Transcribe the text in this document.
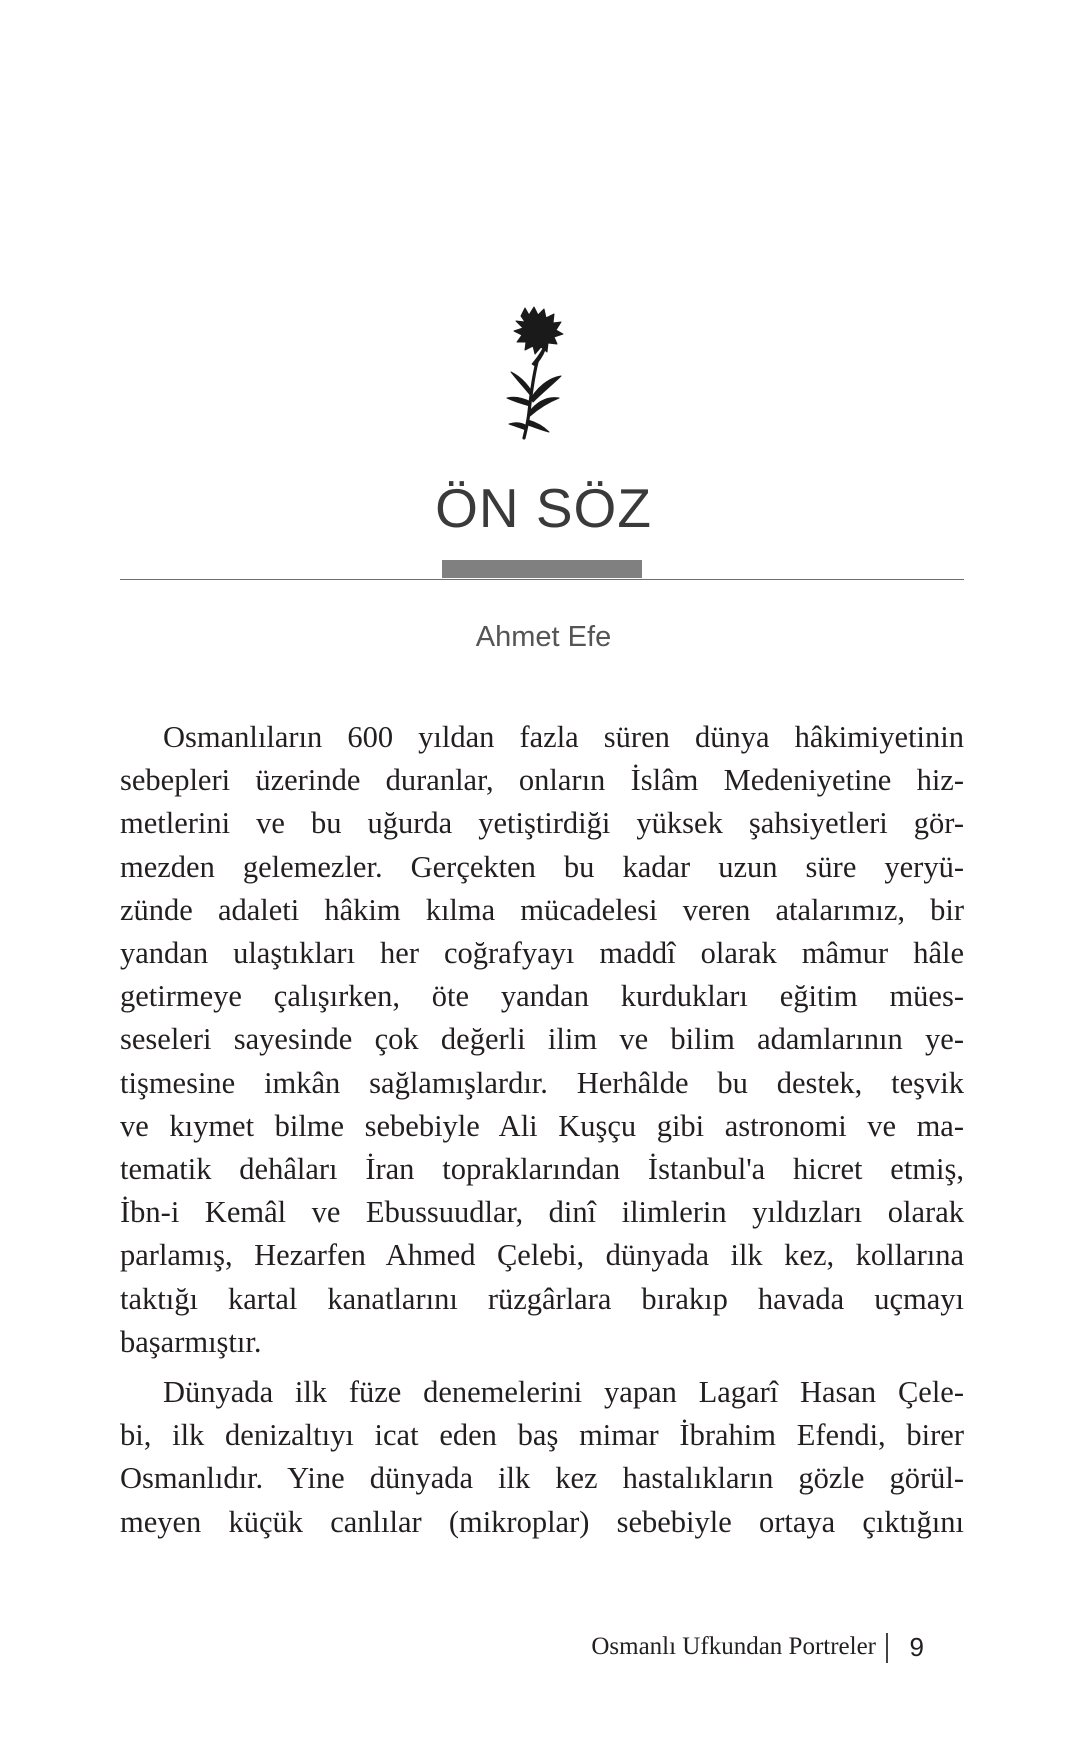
ÖN SÖZ
Ahmet Efe

Osmanlıların 600 yıldan fazla süren dünya hâkimiyetinin
sebepleri üzerinde duranlar, onların İslâm Medeniyetine hiz-
metlerini ve bu uğurda yetiştirdiği yüksek şahsiyetleri gör-
mezden gelemezler. Gerçekten bu kadar uzun süre yeryü-
zünde adaleti hâkim kılma mücadelesi veren atalarımız, bir
yandan ulaştıkları her coğrafyayı maddî olarak mâmur hâle
getirmeye çalışırken, öte yandan kurdukları eğitim mües-
seseleri sayesinde çok değerli ilim ve bilim adamlarının ye-
tişmesine imkân sağlamışlardır. Herhâlde bu destek, teşvik
ve kıymet bilme sebebiyle Ali Kuşçu gibi astronomi ve ma-
tematik dehâları İran topraklarından İstanbul'a hicret etmiş,
İbn-i Kemâl ve Ebussuudlar, dinî ilimlerin yıldızları olarak
parlamış, Hezarfen Ahmed Çelebi, dünyada ilk kez, kollarına
taktığı kartal kanatlarını rüzgârlara bırakıp havada uçmayı
başarmıştır.

Dünyada ilk füze denemelerini yapan Lagarî Hasan Çele-
bi, ilk denizaltıyı icat eden baş mimar İbrahim Efendi, birer
Osmanlıdır. Yine dünyada ilk kez hastalıkların gözle görül-
meyen küçük canlılar (mikroplar) sebebiyle ortaya çıktığını

Osmanlı Ufkundan Portreler 9
